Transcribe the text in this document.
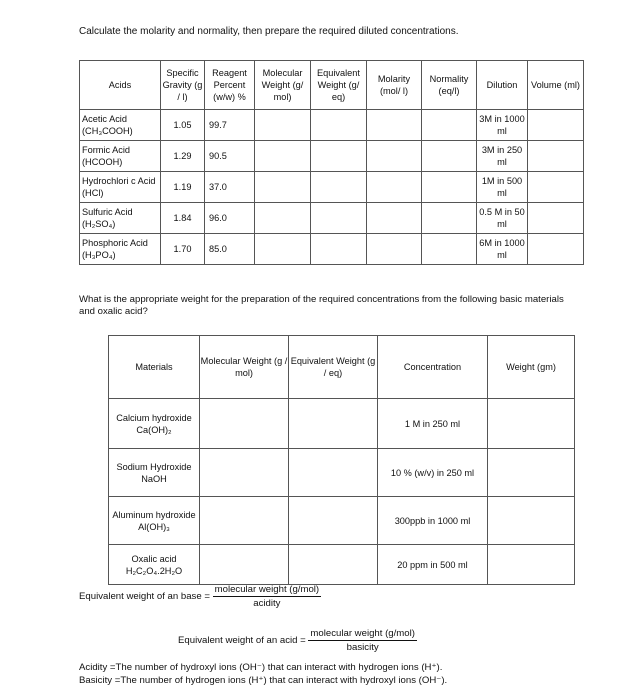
Calculate the molarity and normality, then prepare the required diluted concentrations.
Acids	Specific Gravity (g / l)	Reagent Percent (w/w) %	Molecular Weight (g/ mol)	Equivalent Weight (g/ eq)	Molarity (mol/ l)	Normality (eq/l)	Dilution	Volume (ml)
Acetic Acid (CH₃COOH)	1.05	99.7					3M in 1000 ml	
Formic Acid (HCOOH)	1.29	90.5					3M in 250 ml	
Hydrochlori c Acid (HCl)	1.19	37.0					1M in 500 ml	
Sulfuric Acid (H₂SO₄)	1.84	96.0					0.5 M in 50 ml	
Phosphoric Acid (H₃PO₄)	1.70	85.0					6M in 1000 ml	
What is the appropriate weight for the preparation of the required concentrations from the following basic materials and oxalic acid?
Materials	Molecular Weight (g / mol)	Equivalent Weight (g / eq)	Concentration	Weight (gm)
Calcium hydroxide Ca(OH)₂			1 M in 250 ml	
Sodium Hydroxide NaOH			10 % (w/v) in 250 ml	
Aluminum hydroxide Al(OH)₃			300ppb in 1000 ml	
Oxalic acid H₂C₂O₄.2H₂O			20 ppm in 500 ml	
Equivalent weight of an base = $\frac{\text{molecular weight (g/mol)}}{\text{acidity}}$
Equivalent weight of an acid = $\frac{\text{molecular weight (g/mol)}}{\text{basicity}}$
Acidity =The number of hydroxyl ions (OH⁻) that can interact with hydrogen ions (H⁺).
Basicity =The number of hydrogen ions (H⁺) that can interact with hydroxyl ions (OH⁻).
